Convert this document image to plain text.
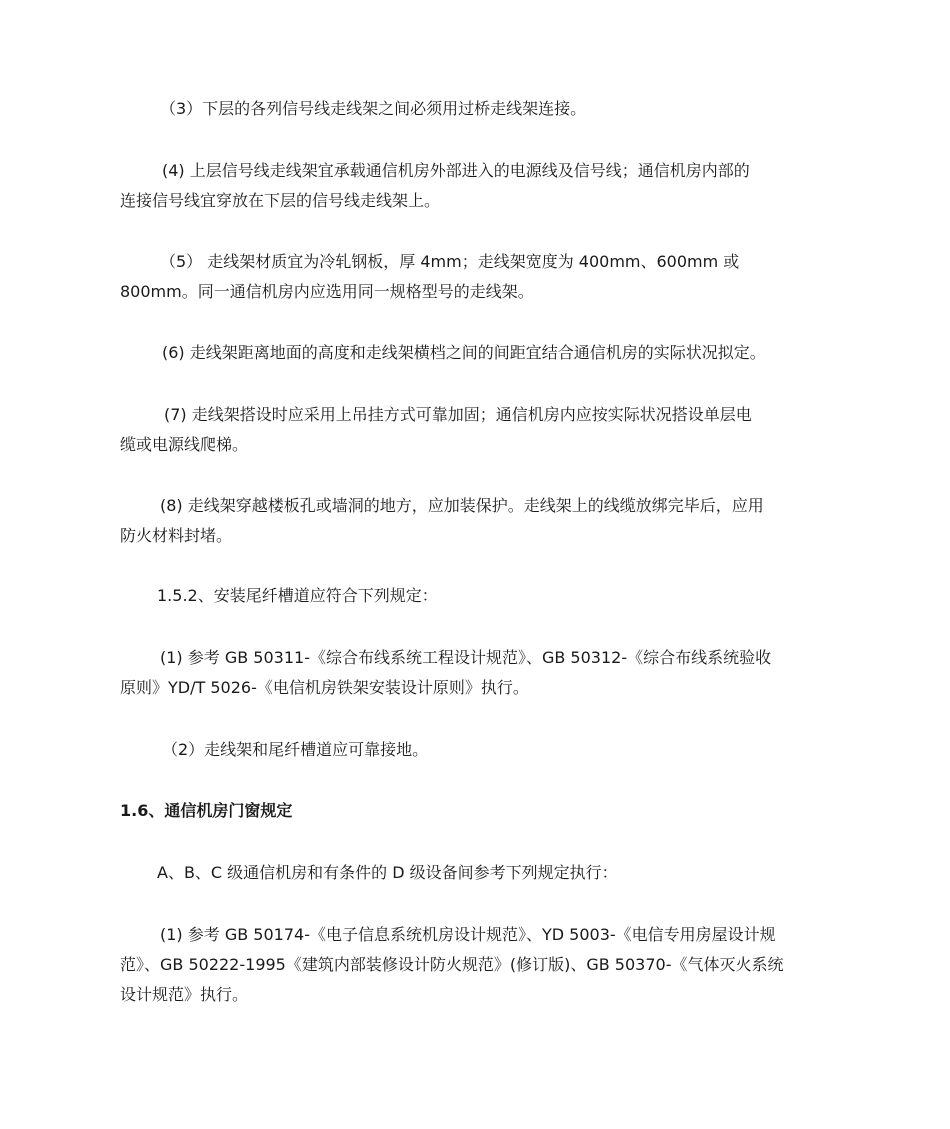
（3）下层的各列信号线走线架之间必须用过桥走线架连接。

(4) 上层信号线走线架宜承载通信机房外部进入的电源线及信号线；通信机房内部的
连接信号线宜穿放在下层的信号线走线架上。

（5） 走线架材质宜为冷轧钢板，厚 4mm；走线架宽度为 400mm、600mm 或
800mm。同一通信机房内应选用同一规格型号的走线架。

(6) 走线架距离地面的高度和走线架横档之间的间距宜结合通信机房的实际状况拟定。

(7) 走线架搭设时应采用上吊挂方式可靠加固；通信机房内应按实际状况搭设单层电
缆或电源线爬梯。

(8) 走线架穿越楼板孔或墙洞的地方，应加装保护。走线架上的线缆放绑完毕后，应用
防火材料封堵。

1.5.2、安装尾纤槽道应符合下列规定：

(1) 参考 GB 50311-《综合布线系统工程设计规范》、GB 50312-《综合布线系统验收
原则》YD/T 5026-《电信机房铁架安装设计原则》执行。

（2）走线架和尾纤槽道应可靠接地。

1.6、通信机房门窗规定

A、B、C 级通信机房和有条件的 D 级设备间参考下列规定执行：

(1) 参考 GB 50174-《电子信息系统机房设计规范》、YD 5003-《电信专用房屋设计规
范》、GB 50222-1995《建筑内部装修设计防火规范》(修订版)、GB 50370-《气体灭火系统
设计规范》执行。
